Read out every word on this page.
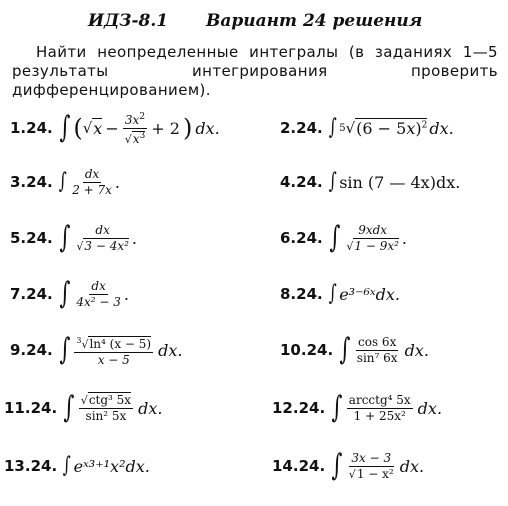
ИДЗ-8.1 Вариант 24 решения
Найти неопределенные интегралы (в заданиях 1—5 результаты интегрирования проверить дифференцированием).
1.24. ∫ ( √ $x - \frac{3x^2}{√x^3} + 2$ ) dx.	2.24. ∫ 5 √ $(6 - 5x)^2$ dx.
3.24. ∫ $\frac{dx}{2 + 7x}$ .	4.24. ∫ sin (7 — 4x)dx.
5.24. ∫ $\frac{dx}{\text{√3 − 4x²}}$ .	6.24. ∫ $\frac{\text{9xdx}}{\text{√1 − 9x²}}$ .
7.24. ∫ $\frac{dx}{\text{4x² − 3}}$ .	8.24. ∫ e³⁻⁶ˣdx.
9.24. ∫ $\frac{^3√\ln^4 (x - 5)}{x - 5}$ dx.	10.24. ∫ $\frac{\cos 6x}{\text{sin⁷ 6x}}$ dx.
11.24. ∫ $\frac{\text{√ctg³ 5x}}{\text{sin² 5x}}$ dx.	12.24. ∫ $\frac{\text{arcctg⁴ 5x}}{\text{1 + 25x²}}$ dx.
13.24. ∫ eˣ³⁺¹x²dx.	14.24. ∫ $\frac{3x - 3}{\text{√1 − x²}}$ dx.
